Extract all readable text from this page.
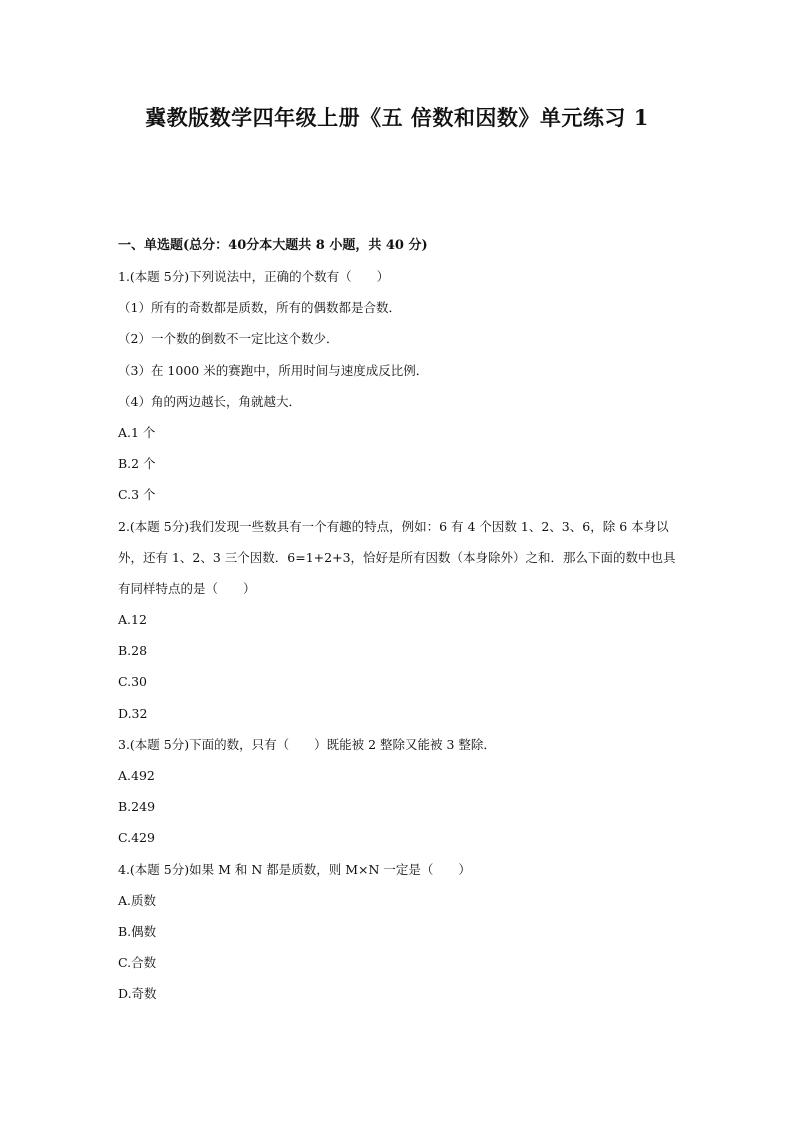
冀教版数学四年级上册《五 倍数和因数》单元练习 1
一、单选题(总分：40分本大题共 8 小题，共 40 分)
1.(本题 5分)下列说法中，正确的个数有（　　）
（1）所有的奇数都是质数，所有的偶数都是合数．
（2）一个数的倒数不一定比这个数少．
（3）在 1000 米的赛跑中，所用时间与速度成反比例．
（4）角的两边越长，角就越大．
A.1 个
B.2 个
C.3 个
2.(本题 5分)我们发现一些数具有一个有趣的特点，例如：6 有 4 个因数 1、2、3、6，除 6 本身以外，还有 1、2、3 三个因数．6=1+2+3，恰好是所有因数（本身除外）之和．那么下面的数中也具有同样特点的是（　　）
A.12
B.28
C.30
D.32
3.(本题 5分)下面的数，只有（　　）既能被 2 整除又能被 3 整除．
A.492
B.249
C.429
4.(本题 5分)如果 M 和 N 都是质数，则 M×N 一定是（　　）
A.质数
B.偶数
C.合数
D.奇数
